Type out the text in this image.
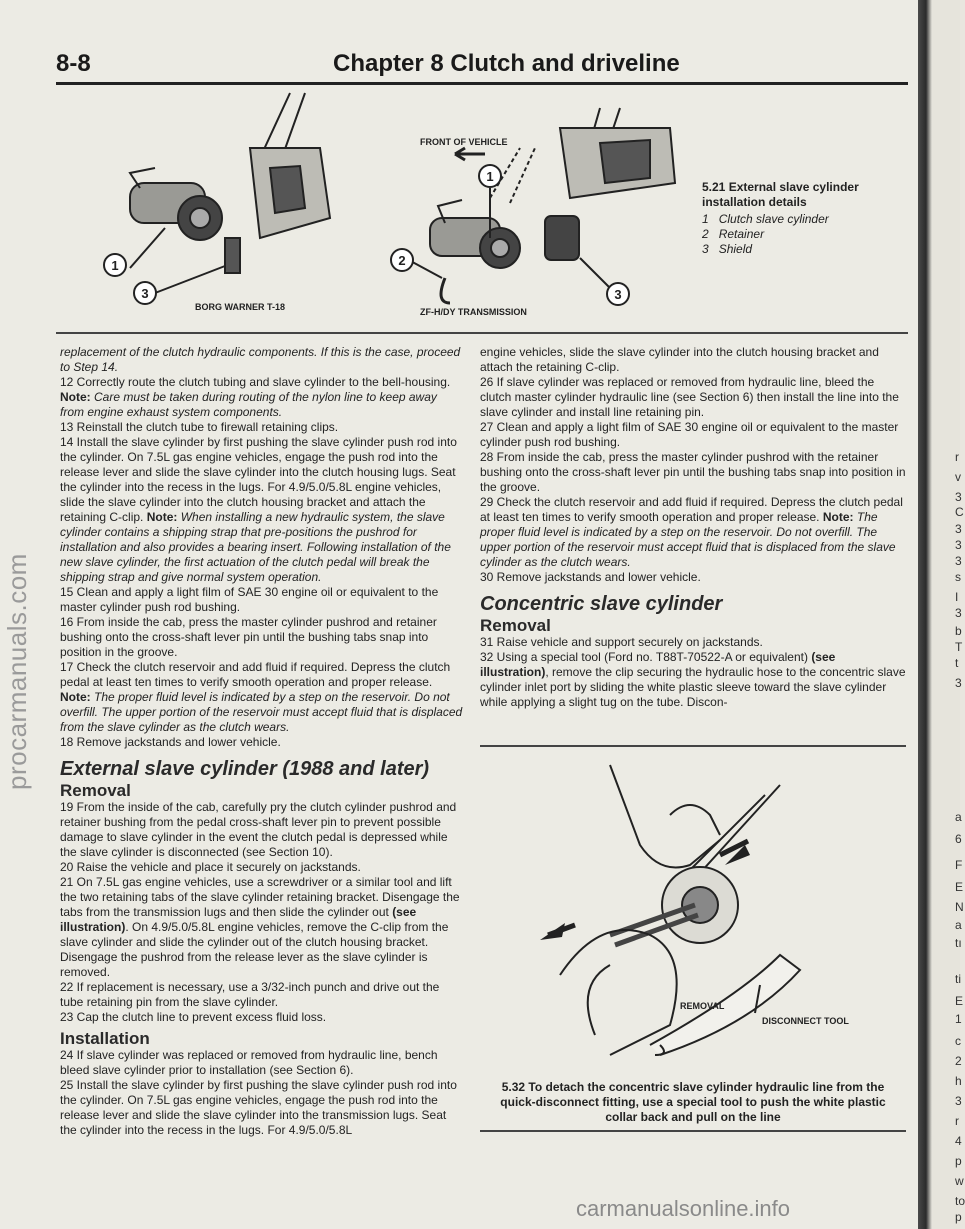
8-8	Chapter 8 Clutch and driveline
1
3
1
2
3
FRONT OF VEHICLE
BORG WARNER T-18	ZF-H/DY TRANSMISSION
5.21 External slave cylinder installation details
1 Clutch slave cylinder
2 Retainer
3 Shield

replacement of the clutch hydraulic components. If this is the case, proceed to Step 14.

12 Correctly route the clutch tubing and slave cylinder to the bell-housing. Note: Care must be taken during routing of the nylon line to keep away from engine exhaust system components.

13 Reinstall the clutch tube to firewall retaining clips.

14 Install the slave cylinder by first pushing the slave cylinder push rod into the cylinder. On 7.5L gas engine vehicles, engage the push rod into the release lever and slide the slave cylinder into the clutch housing lugs. Seat the cylinder into the recess in the lugs. For 4.9/5.0/5.8L engine vehicles, slide the slave cylinder into the clutch housing bracket and attach the retaining C-clip. Note: When installing a new hydraulic system, the slave cylinder contains a shipping strap that pre-positions the pushrod for installation and also provides a bearing insert. Following installation of the new slave cylinder, the first actuation of the clutch pedal will break the shipping strap and give normal system operation.

15 Clean and apply a light film of SAE 30 engine oil or equivalent to the master cylinder push rod bushing.

16 From inside the cab, press the master cylinder pushrod and retainer bushing onto the cross-shaft lever pin until the bushing tabs snap into position in the groove.

17 Check the clutch reservoir and add fluid if required. Depress the clutch pedal at least ten times to verify smooth operation and proper release. Note: The proper fluid level is indicated by a step on the reservoir. Do not overfill. The upper portion of the reservoir must accept fluid that is displaced from the slave cylinder as the clutch wears.

18 Remove jackstands and lower vehicle.

External slave cylinder (1988 and later)
Removal

19 From the inside of the cab, carefully pry the clutch cylinder pushrod and retainer bushing from the pedal cross-shaft lever pin to prevent possible damage to slave cylinder in the event the clutch pedal is depressed while the slave cylinder is disconnected (see Section 10).

20 Raise the vehicle and place it securely on jackstands.

21 On 7.5L gas engine vehicles, use a screwdriver or a similar tool and lift the two retaining tabs of the slave cylinder retaining bracket. Disengage the tabs from the transmission lugs and then slide the cylinder out (see illustration). On 4.9/5.0/5.8L engine vehicles, remove the C-clip from the slave cylinder and slide the cylinder out of the clutch housing bracket. Disengage the pushrod from the release lever as the slave cylinder is removed.

22 If replacement is necessary, use a 3/32-inch punch and drive out the tube retaining pin from the slave cylinder.

23 Cap the clutch line to prevent excess fluid loss.

Installation

24 If slave cylinder was replaced or removed from hydraulic line, bench bleed slave cylinder prior to installation (see Section 6).

25 Install the slave cylinder by first pushing the slave cylinder push rod into the cylinder. On 7.5L gas engine vehicles, engage the push rod into the release lever and slide the slave cylinder into the transmission lugs. Seat the cylinder into the recess in the lugs. For 4.9/5.0/5.8L

engine vehicles, slide the slave cylinder into the clutch housing bracket and attach the retaining C-clip.

26 If slave cylinder was replaced or removed from hydraulic line, bleed the clutch master cylinder hydraulic line (see Section 6) then install the line into the slave cylinder and install line retaining pin.

27 Clean and apply a light film of SAE 30 engine oil or equivalent to the master cylinder push rod bushing.

28 From inside the cab, press the master cylinder pushrod with the retainer bushing onto the cross-shaft lever pin until the bushing tabs snap into position in the groove.

29 Check the clutch reservoir and add fluid if required. Depress the clutch pedal at least ten times to verify smooth operation and proper release. Note: The proper fluid level is indicated by a step on the reservoir. Do not overfill. The upper portion of the reservoir must accept fluid that is displaced from the slave cylinder as the clutch wears.

30 Remove jackstands and lower vehicle.

Concentric slave cylinder
Removal

31 Raise vehicle and support securely on jackstands.

32 Using a special tool (Ford no. T88T-70522-A or equivalent) (see illustration), remove the clip securing the hydraulic hose to the concentric slave cylinder inlet port by sliding the white plastic sleeve toward the slave cylinder while applying a slight tug on the tube. Discon-

REMOVAL
DISCONNECT TOOL
5.32 To detach the concentric slave cylinder hydraulic line from the quick-disconnect fitting, use a special tool to push the white plastic collar back and pull on the line
r
v
3
C
3
3
3
s
I
3
b
T
t
3
a
6
F
E
N
a
tı
ti
E
1
c
2
h
3
r
4
p
w
to
p
procarmanuals.com
carmanualsonline.info
